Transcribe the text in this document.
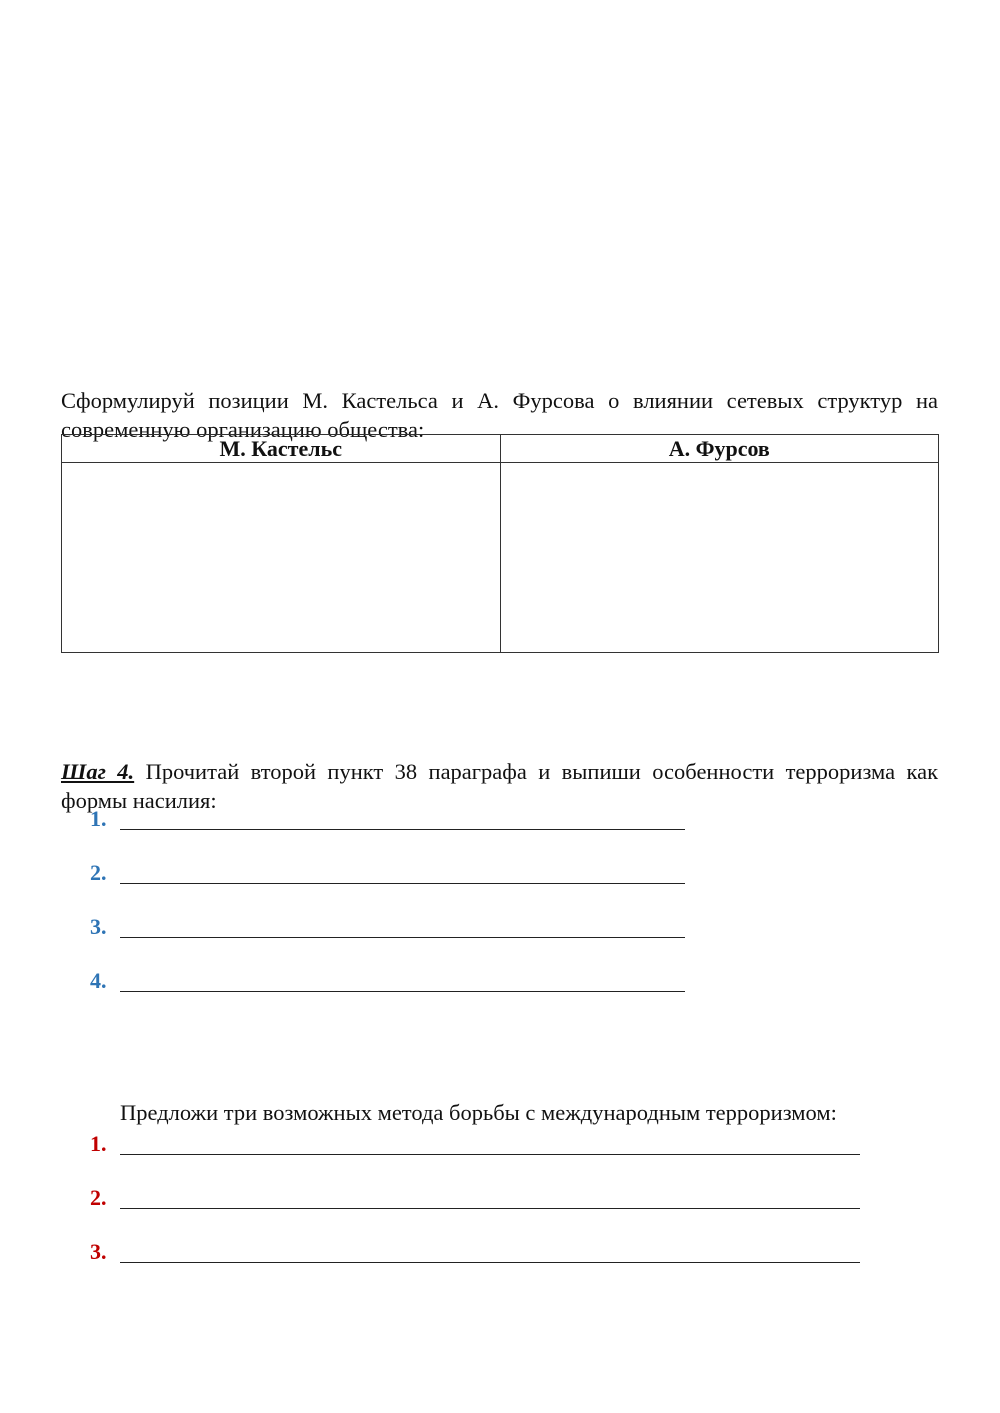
Сформулируй позиции М. Кастельса и А. Фурсова о влиянии сетевых структур на современную организацию общества:

М. Кастельс	А. Фурсов

Шаг 4. Прочитай второй пункт 38 параграфа и выпиши особенности терроризма как формы насилия:

1.
2.
3.
4.

Предложи три возможных метода борьбы с международным терроризмом:

1.
2.
3.
